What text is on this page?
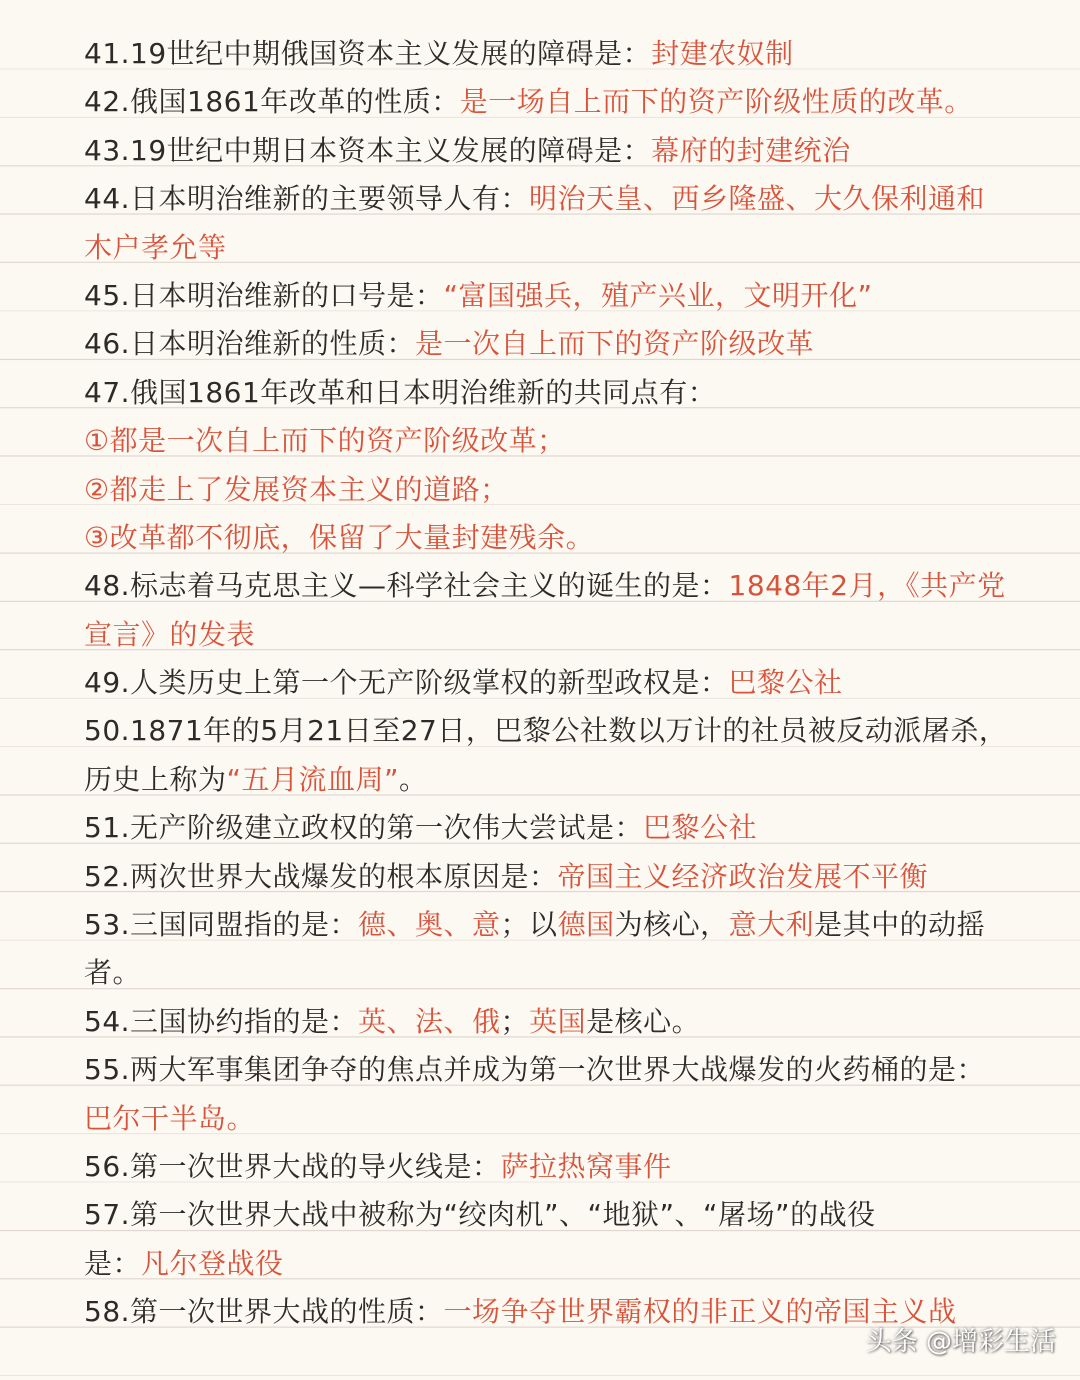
41.19世纪中期俄国资本主义发展的障碍是：封建农奴制
42.俄国1861年改革的性质：是一场自上而下的资产阶级性质的改革。
43.19世纪中期日本资本主义发展的障碍是：幕府的封建统治
44.日本明治维新的主要领导人有：明治天皇、西乡隆盛、大久保利通和
木户孝允等
45.日本明治维新的口号是：“富国强兵，殖产兴业，文明开化”
46.日本明治维新的性质：是一次自上而下的资产阶级改革
47.俄国1861年改革和日本明治维新的共同点有：
①都是一次自上而下的资产阶级改革；
②都走上了发展资本主义的道路；
③改革都不彻底，保留了大量封建残余。
48.标志着马克思主义—科学社会主义的诞生的是：1848年2月，《共产党
宣言》的发表
49.人类历史上第一个无产阶级掌权的新型政权是：巴黎公社
50.1871年的5月21日至27日，巴黎公社数以万计的社员被反动派屠杀，
历史上称为“五月流血周”。
51.无产阶级建立政权的第一次伟大尝试是：巴黎公社
52.两次世界大战爆发的根本原因是：帝国主义经济政治发展不平衡
53.三国同盟指的是：德、奥、意；以德国为核心，意大利是其中的动摇
者。
54.三国协约指的是：英、法、俄；英国是核心。
55.两大军事集团争夺的焦点并成为第一次世界大战爆发的火药桶的是：
巴尔干半岛。
56.第一次世界大战的导火线是：萨拉热窝事件
57.第一次世界大战中被称为“绞肉机”、“地狱”、“屠场”的战役
是：凡尔登战役
58.第一次世界大战的性质：一场争夺世界霸权的非正义的帝国主义战
头条 @增彩生活
